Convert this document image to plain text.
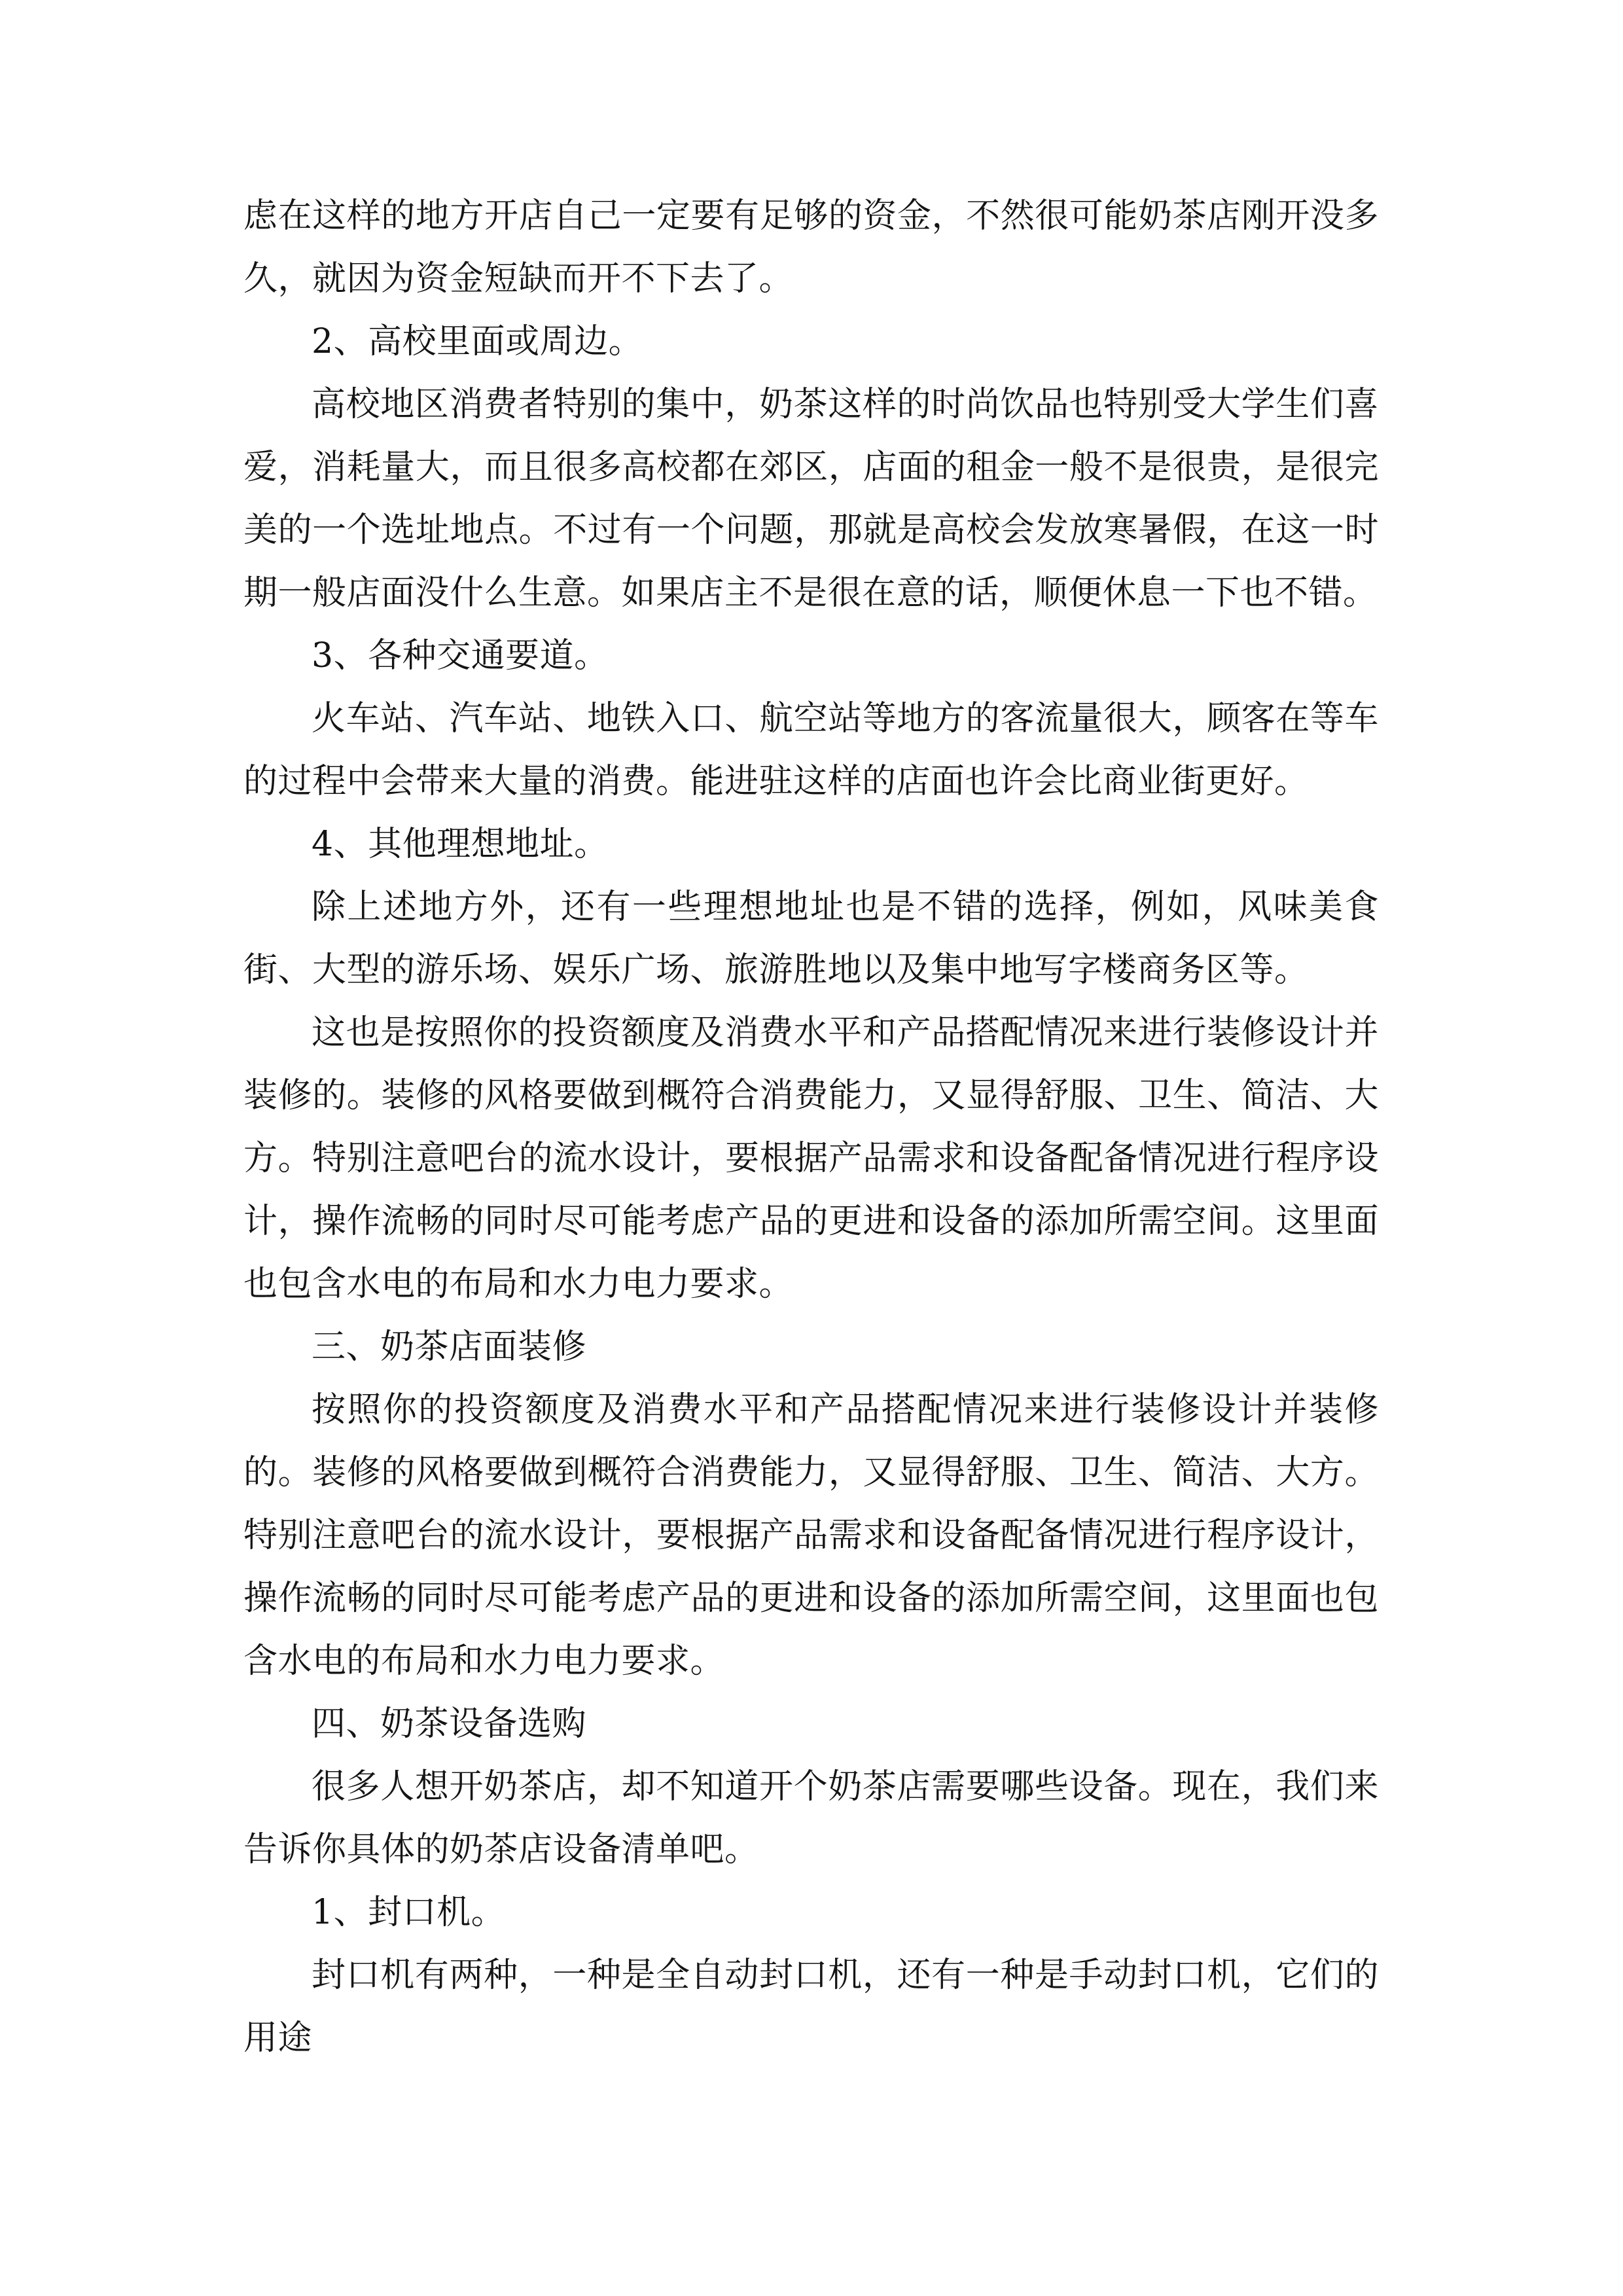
虑在这样的地方开店自己一定要有足够的资金，不然很可能奶茶店刚开没多久，就因为资金短缺而开不下去了。

2、高校里面或周边。

高校地区消费者特别的集中，奶茶这样的时尚饮品也特别受大学生们喜爱，消耗量大，而且很多高校都在郊区，店面的租金一般不是很贵，是很完美的一个选址地点。不过有一个问题，那就是高校会发放寒暑假，在这一时期一般店面没什么生意。如果店主不是很在意的话，顺便休息一下也不错。

3、各种交通要道。

火车站、汽车站、地铁入口、航空站等地方的客流量很大，顾客在等车的过程中会带来大量的消费。能进驻这样的店面也许会比商业街更好。

4、其他理想地址。

除上述地方外，还有一些理想地址也是不错的选择，例如，风味美食街、大型的游乐场、娱乐广场、旅游胜地以及集中地写字楼商务区等。

这也是按照你的投资额度及消费水平和产品搭配情况来进行装修设计并装修的。装修的风格要做到概符合消费能力，又显得舒服、卫生、简洁、大方。特别注意吧台的流水设计，要根据产品需求和设备配备情况进行程序设计，操作流畅的同时尽可能考虑产品的更进和设备的添加所需空间。这里面也包含水电的布局和水力电力要求。

三、奶茶店面装修

按照你的投资额度及消费水平和产品搭配情况来进行装修设计并装修的。装修的风格要做到概符合消费能力，又显得舒服、卫生、简洁、大方。特别注意吧台的流水设计，要根据产品需求和设备配备情况进行程序设计，操作流畅的同时尽可能考虑产品的更进和设备的添加所需空间，这里面也包含水电的布局和水力电力要求。

四、奶茶设备选购

很多人想开奶茶店，却不知道开个奶茶店需要哪些设备。现在，我们来告诉你具体的奶茶店设备清单吧。

1、封口机。

封口机有两种，一种是全自动封口机，还有一种是手动封口机，它们的用途
